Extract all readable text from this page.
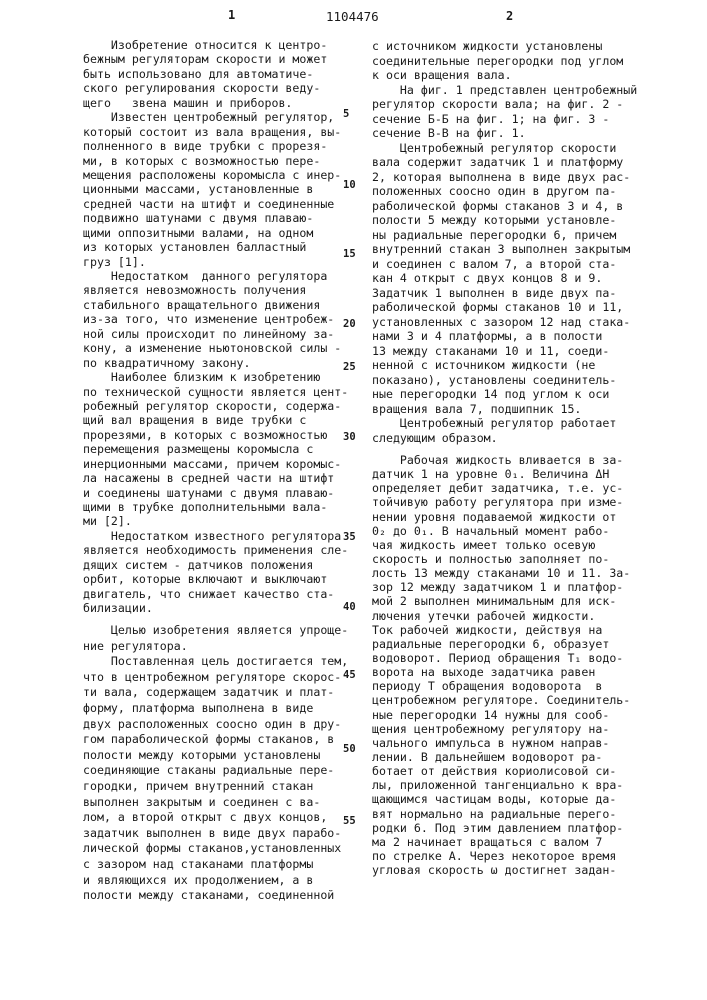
1	1104476	2
Изобретение относится к центро-
бежным регуляторам скорости и может
быть использовано для автоматиче-
ского регулирования скорости веду-
щего   звена машин и приборов.
Известен центробежный регулятор,
который состоит из вала вращения, вы-
полненного в виде трубки с прорезя-
ми, в которых с возможностью пере-
мещения расположены коромысла с инер-
ционными массами, установленные в
средней части на штифт и соединенные
подвижно шатунами с двумя плаваю-
щими оппозитными валами, на одном
из которых установлен балластный
груз [1].
Недостатком  данного регулятора
является невозможность получения
стабильного вращательного движения
из-за того, что изменение центробеж-
ной силы происходит по линейному за-
кону, а изменение ньютоновской силы -
по квадратичному закону.
Наиболее близким к изобретению
по технической сущности является цент-
робежный регулятор скорости, содержа-
щий вал вращения в виде трубки с
прорезями, в которых с возможностью
перемещения размещены коромысла с
инерционными массами, причем коромыс-
ла насажены в средней части на штифт
и соединены шатунами с двумя плаваю-
щими в трубке дополнительными вала-
ми [2].
Недостатком известного регулятора
является необходимость применения сле-
дящих систем - датчиков положения
орбит, которые включают и выключают
двигатель, что снижает качество ста-
билизации.
Целью изобретения является упроще-
ние регулятора.
Поставленная цель достигается тем,
что в центробежном регуляторе скорос-
ти вала, содержащем задатчик и плат-
форму, платформа выполнена в виде
двух расположенных соосно один в дру-
гом параболической формы стаканов, в
полости между которыми установлены
соединяющие стаканы радиальные пере-
городки, причем внутренний стакан
выполнен закрытым и соединен с ва-
лом, а второй открыт с двух концов,
задатчик выполнен в виде двух парабо-
лической формы стаканов,установленных
с зазором над стаканами платформы
и являющихся их продолжением, а в
полости между стаканами, соединенной
с источником жидкости установлены
соединительные перегородки под углом
к оси вращения вала.
На фиг. 1 представлен центробежный
регулятор скорости вала; на фиг. 2 -
сечение Б-Б на фиг. 1; на фиг. 3 -
сечение В-В на фиг. 1.
Центробежный регулятор скорости
вала содержит задатчик 1 и платформу
2, которая выполнена в виде двух рас-
положенных соосно один в другом па-
раболической формы стаканов 3 и 4, в
полости 5 между которыми установле-
ны радиальные перегородки 6, причем
внутренний стакан 3 выполнен закрытым
и соединен с валом 7, а второй ста-
кан 4 открыт с двух концов 8 и 9.
Задатчик 1 выполнен в виде двух па-
раболической формы стаканов 10 и 11,
установленных с зазором 12 над стака-
нами 3 и 4 платформы, а в полости
13 между стаканами 10 и 11, соеди-
ненной с источником жидкости (не
показано), установлены соединитель-
ные перегородки 14 под углом к оси
вращения вала 7, подшипник 15.
Центробежный регулятор работает
следующим образом.
Рабочая жидкость вливается в за-
датчик 1 на уровне 0₁. Величина ΔH
определяет дебит задатчика, т.е. ус-
тойчивую работу регулятора при изме-
нении уровня подаваемой жидкости от
0₂ до 0₁. В начальный момент рабо-
чая жидкость имеет только осевую
скорость и полностью заполняет по-
лость 13 между стаканами 10 и 11. За-
зор 12 между задатчиком 1 и платфор-
мой 2 выполнен минимальным для иск-
лючения утечки рабочей жидкости.
Ток рабочей жидкости, действуя на
радиальные перегородки 6, образует
водоворот. Период обращения T₁ водо-
ворота на выходе задатчика равен
периоду T обращения водоворота  в
центробежном регуляторе. Соединитель-
ные перегородки 14 нужны для сооб-
щения центробежному регулятору на-
чального импульса в нужном направ-
лении. В дальнейшем водоворот ра-
ботает от действия кориолисовой си-
лы, приложенной тангенциально к вра-
щающимся частицам воды, которые да-
вят нормально на радиальные перего-
родки 6. Под этим давлением платфор-
ма 2 начинает вращаться с валом 7
по стрелке A. Через некоторое время
угловая скорость ω достигнет задан-
5
10
15
20
25
30
35
40
45
50
55
